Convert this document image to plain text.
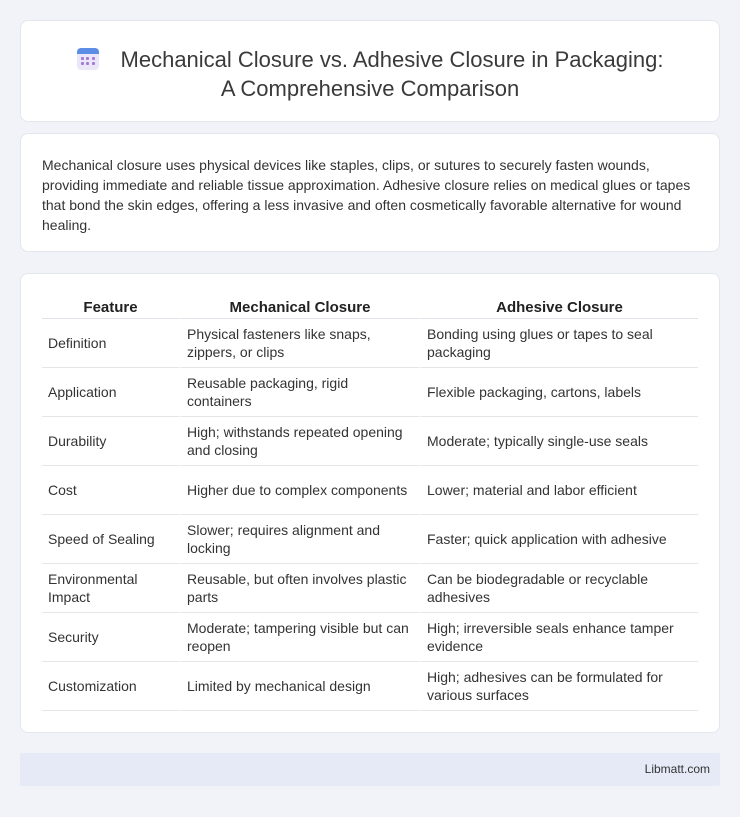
Mechanical Closure vs. Adhesive Closure in Packaging:
A Comprehensive Comparison

Mechanical closure uses physical devices like staples, clips, or sutures to securely fasten wounds, providing immediate and reliable tissue approximation. Adhesive closure relies on medical glues or tapes that bond the skin edges, offering a less invasive and often cosmetically favorable alternative for wound healing.

Feature	Mechanical Closure	Adhesive Closure
Definition	Physical fasteners like snaps, zippers, or clips	Bonding using glues or tapes to seal packaging
Application	Reusable packaging, rigid containers	Flexible packaging, cartons, labels
Durability	High; withstands repeated opening and closing	Moderate; typically single-use seals
Cost	Higher due to complex components	Lower; material and labor efficient
Speed of Sealing	Slower; requires alignment and locking	Faster; quick application with adhesive
Environmental Impact	Reusable, but often involves plastic parts	Can be biodegradable or recyclable adhesives
Security	Moderate; tampering visible but can reopen	High; irreversible seals enhance tamper evidence
Customization	Limited by mechanical design	High; adhesives can be formulated for various surfaces
Libmatt.com
